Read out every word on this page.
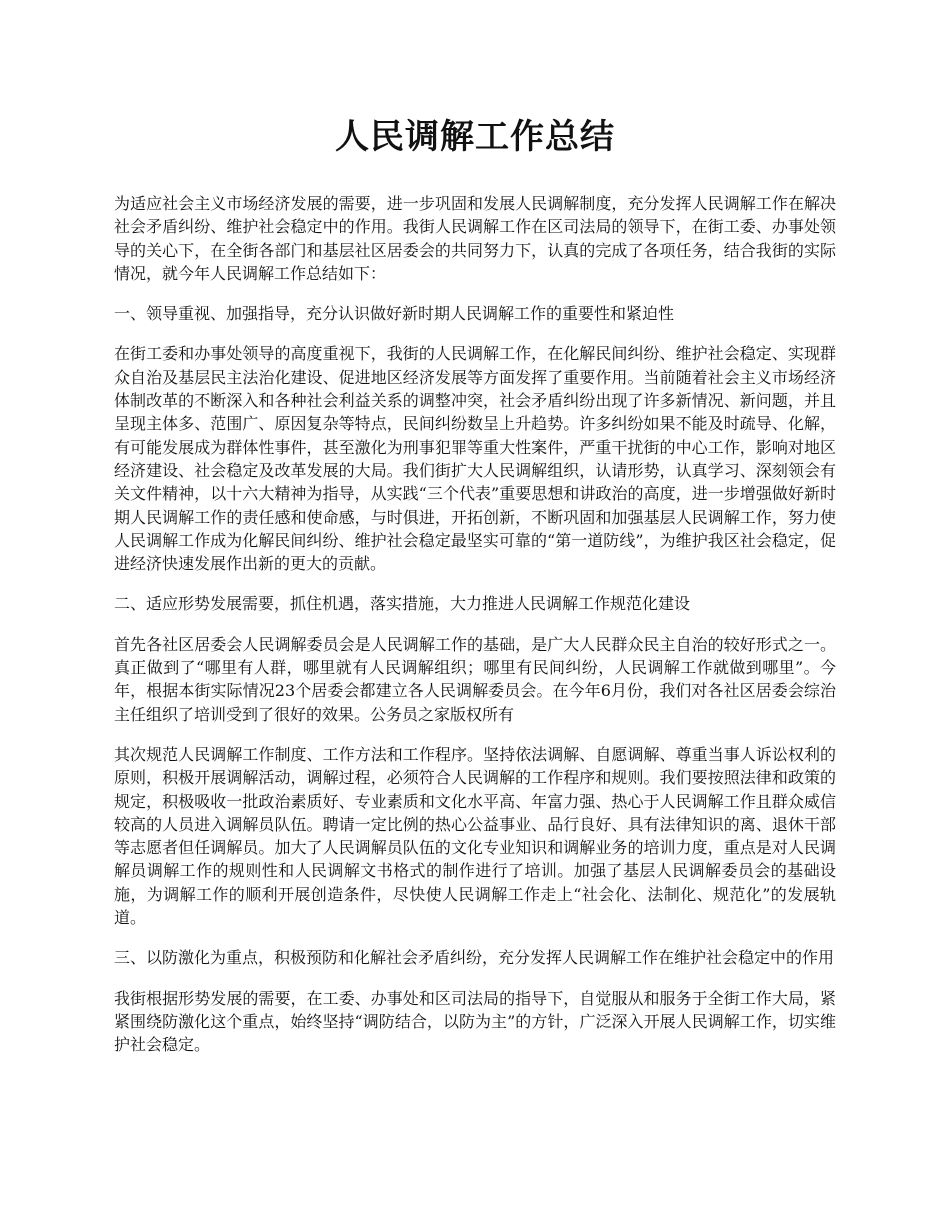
人民调解工作总结

为适应社会主义市场经济发展的需要，进一步巩固和发展人民调解制度，充分发挥人民调解工作在解决社会矛盾纠纷、维护社会稳定中的作用。我街人民调解工作在区司法局的领导下，在街工委、办事处领导的关心下，在全街各部门和基层社区居委会的共同努力下，认真的完成了各项任务，结合我街的实际情况，就今年人民调解工作总结如下：

一、领导重视、加强指导，充分认识做好新时期人民调解工作的重要性和紧迫性

在街工委和办事处领导的高度重视下，我街的人民调解工作，在化解民间纠纷、维护社会稳定、实现群众自治及基层民主法治化建设、促进地区经济发展等方面发挥了重要作用。当前随着社会主义市场经济体制改革的不断深入和各种社会利益关系的调整冲突，社会矛盾纠纷出现了许多新情况、新问题，并且呈现主体多、范围广、原因复杂等特点，民间纠纷数呈上升趋势。许多纠纷如果不能及时疏导、化解，有可能发展成为群体性事件，甚至激化为刑事犯罪等重大性案件，严重干扰街的中心工作，影响对地区经济建设、社会稳定及改革发展的大局。我们街扩大人民调解组织，认请形势，认真学习、深刻领会有关文件精神，以十六大精神为指导，从实践“三个代表”重要思想和讲政治的高度，进一步增强做好新时期人民调解工作的责任感和使命感，与时俱进，开拓创新，不断巩固和加强基层人民调解工作，努力使人民调解工作成为化解民间纠纷、维护社会稳定最坚实可靠的“第一道防线”，为维护我区社会稳定，促进经济快速发展作出新的更大的贡献。

二、适应形势发展需要，抓住机遇，落实措施，大力推进人民调解工作规范化建设

首先各社区居委会人民调解委员会是人民调解工作的基础，是广大人民群众民主自治的较好形式之一。真正做到了“哪里有人群，哪里就有人民调解组织；哪里有民间纠纷，人民调解工作就做到哪里”。今年，根据本街实际情况23个居委会都建立各人民调解委员会。在今年6月份，我们对各社区居委会综治主任组织了培训受到了很好的效果。公务员之家版权所有

其次规范人民调解工作制度、工作方法和工作程序。坚持依法调解、自愿调解、尊重当事人诉讼权利的原则，积极开展调解活动，调解过程，必须符合人民调解的工作程序和规则。我们要按照法律和政策的规定，积极吸收一批政治素质好、专业素质和文化水平高、年富力强、热心于人民调解工作且群众威信较高的人员进入调解员队伍。聘请一定比例的热心公益事业、品行良好、具有法律知识的离、退休干部等志愿者但任调解员。加大了人民调解员队伍的文化专业知识和调解业务的培训力度，重点是对人民调解员调解工作的规则性和人民调解文书格式的制作进行了培训。加强了基层人民调解委员会的基础设施，为调解工作的顺利开展创造条件，尽快使人民调解工作走上“社会化、法制化、规范化”的发展轨道。

三、以防激化为重点，积极预防和化解社会矛盾纠纷，充分发挥人民调解工作在维护社会稳定中的作用

我街根据形势发展的需要，在工委、办事处和区司法局的指导下，自觉服从和服务于全街工作大局，紧紧围绕防激化这个重点，始终坚持“调防结合，以防为主”的方针，广泛深入开展人民调解工作，切实维护社会稳定。
